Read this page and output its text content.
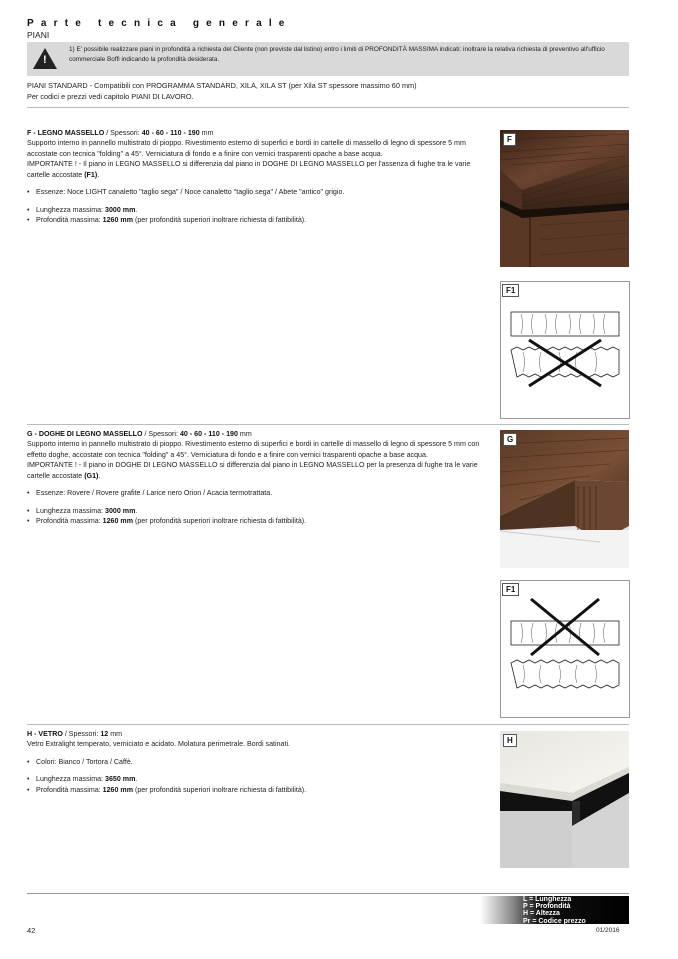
Parte tecnica generale
PIANI
!
1) E' possibile realizzare piani in profondità a richiesta del Cliente (non previste dal listino) entro i limiti di PROFONDITÀ MASSIMA indicati: inoltrare la relativa richiesta di preventivo all'ufficio commerciale Boffi indicando la profondità desiderata.
PIANI STANDARD - Compatibili con PROGRAMMA STANDARD, XILA, XILA ST (per Xila ST spessore massimo 60 mm)
Per codici e prezzi vedi capitolo PIANI DI LAVORO.

F - LEGNO MASSELLO / Spessori: 40 - 60 - 110 - 190 mm

Supporto interno in pannello multistrato di pioppo. Rivestimento esterno di superfici e bordi in cartelle di massello di legno di spessore 5 mm accostate con tecnica "folding" a 45°. Verniciatura di fondo e a finire con vernici trasparenti opache a base acqua.

IMPORTANTE ! - Il piano in LEGNO MASSELLO si differenzia dal piano in DOGHE DI LEGNO MASSELLO per l'assenza di fughe tra le varie cartelle accostate (F1).

• Essenze: Noce LIGHT canaletto "taglio sega" / Noce canaletto "taglio sega" / Abete "antico" grigio.

• Lunghezza massima: 3000 mm.

• Profondità massima: 1260 mm (per profondità superiori inoltrare richiesta di fattibilità).

F
F1

G - DOGHE DI LEGNO MASSELLO / Spessori: 40 - 60 - 110 - 190 mm

Supporto interno in pannello multistrato di pioppo. Rivestimento esterno di superfici e bordi in cartelle di massello di legno di spessore 5 mm con effetto doghe, accostate con tecnica "folding" a 45°. Verniciatura di fondo e a finire con vernici trasparenti opache a base acqua.

IMPORTANTE ! - Il piano in DOGHE DI LEGNO MASSELLO si differenzia dal piano in LEGNO MASSELLO per la presenza di fughe tra le varie cartelle accostate (G1).

• Essenze: Rovere / Rovere grafite / Larice nero Orion / Acacia termotrattata.

• Lunghezza massima: 3000 mm.

• Profondità massima: 1260 mm (per profondità superiori inoltrare richiesta di fattibilità).

G
F1

H - VETRO / Spessori: 12 mm

Vetro Extralight temperato, verniciato e acidato. Molatura perimetrale. Bordi satinati.

• Colori: Bianco / Tortora / Caffè.

• Lunghezza massima: 3650 mm.

• Profondità massima: 1260 mm (per profondità superiori inoltrare richiesta di fattibilità).

H
L = Lunghezza
P = Profondità
H = Altezza
Pr = Codice prezzo
42	01/2016
